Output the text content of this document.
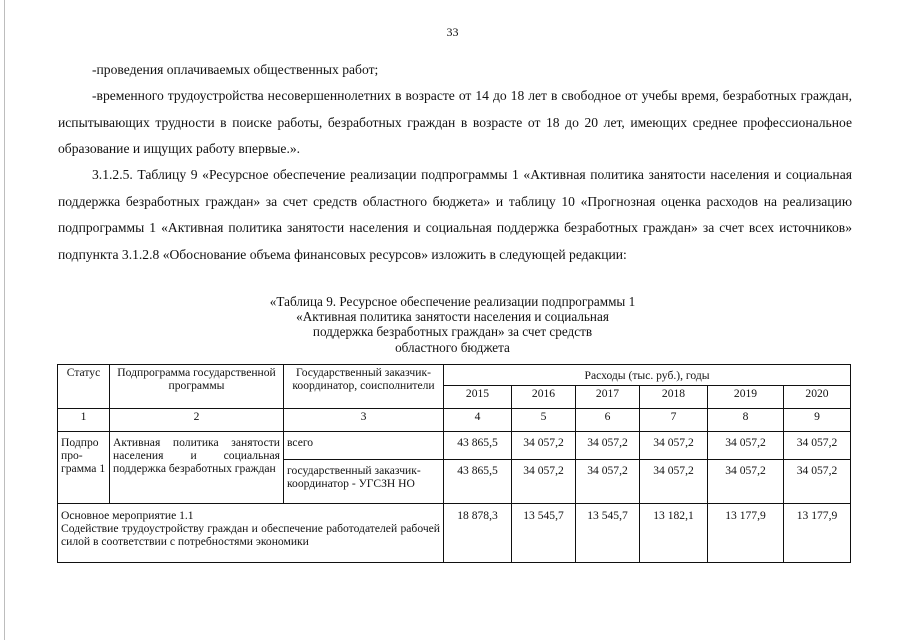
33

-проведения оплачиваемых общественных работ;

-временного трудоустройства несовершеннолетних в возрасте от 14 до 18 лет в свободное от учебы время, безработных граждан, испытывающих трудности в поиске работы, безработных граждан в возрасте от 18 до 20 лет, имеющих среднее профессиональное образование и ищущих работу впервые.».

3.1.2.5. Таблицу 9 «Ресурсное обеспечение реализации подпрограммы 1 «Активная политика занятости населения и социальная поддержка безработных граждан» за счет средств областного бюджета» и таблицу 10 «Прогнозная оценка расходов на реализацию подпрограммы 1 «Активная политика занятости населения и социальная поддержка безработных граждан» за счет всех источников» подпункта 3.1.2.8 «Обоснование объема финансовых ресурсов» изложить в следующей редакции:

«Таблица 9. Ресурсное обеспечение реализации подпрограммы 1
«Активная политика занятости населения и социальная
поддержка безработных граждан» за счет средств
областного бюджета
Статус	Подпрограмма государственной программы	Государственный заказчик-координатор, соисполнители	Расходы (тыс. руб.), годы					
			2015	2016	2017	2018	2019	2020
1	2	3	4	5	6	7	8	9
Подпро про-грамма 1	Активная политика занятости населения и социальная поддержка безработных граждан	всего	43 865,5	34 057,2	34 057,2	34 057,2	34 057,2	34 057,2
		государственный заказчик-координатор - УГСЗН НО	43 865,5	34 057,2	34 057,2	34 057,2	34 057,2	34 057,2

Основное мероприятие 1.1
Содействие трудоустройству граждан и обеспечение работодателей рабочей силой в соответствии с потребностями экономики			18 878,3	13 545,7	13 545,7	13 182,1	13 177,9	13 177,9
